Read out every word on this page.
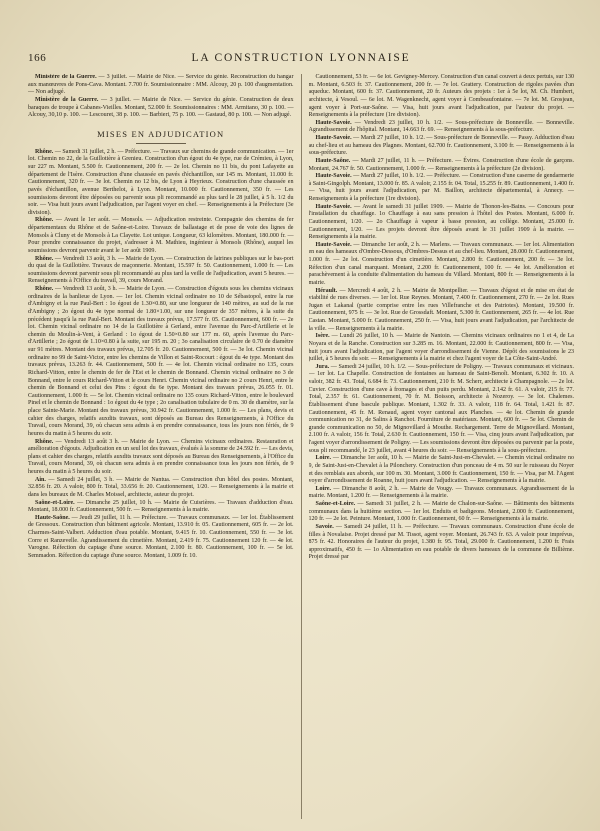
166	LA CONSTRUCTION LYONNAISE

Ministère de la Guerre. — 3 juillet. — Mairie de Nice. — Service du génie. Reconstruction du hangar aux manœuvres de Pons-Cava. Montant. 7.700 fr. Soumissionnaire : MM. Alcouy, 20 p. 100 d'augmentation. — Non adjugé.

Ministère de la Guerre. — 3 juillet. — Mairie de Nice. — Service du génie. Construction de deux baraques de troupe à Cabanes-Vieilles. Montant, 52.000 fr. Soumissionnaires : MM. Armitano, 30 p. 100. — Alcouy, 30,10 p. 100. — Lescouret, 38 p. 100. — Barbieri, 75 p. 100. — Gastaud, 80 p. 100. — Non adjugé.

MISES EN ADJUDICATION

Rhône. — Samedi 31 juillet, 2 h. — Préfecture. — Travaux sur chemins de grande communication. — 1er lot. Chemin no 22, de la Guillotière à Grenieu. Construction d'un égout du 4e type, rue de Crémieu, à Lyon, sur 227 m. Montant, 5.500 fr. Cautionnement, 200 fr. — 2e lot. Chemin no 11 bis, du pont Lafayette au département de l'Isère. Construction d'une chaussée en pavés d'échantillon, sur 145 m. Montant, 11.000 fr. Cautionnement, 320 fr. — 3e lot. Chemin no 12 bis, de Lyon à Heyrieux. Construction d'une chaussée en pavés d'échantillon, avenue Berthelot, à Lyon. Montant, 10.000 fr. Cautionnement, 350 fr. — Les soumissions devront être déposées ou parvenir sous pli recommandé au plus tard le 28 juillet, à 5 h. 1/2 du soir. — Visa huit jours avant l'adjudication, par l'agent voyer en chef. — Renseignements à la Préfecture (3e division).

Rhône. — Avant le 1er août. — Monsols. — Adjudication restreinte. Compagnie des chemins de fer départementaux du Rhône et de Saône-et-Loire. Travaux de ballastage et de pose de voie des lignes de Monsols à Cluny et de Monsols à La Clayette. Lot unique. Longueur, 63 kilomètres. Montant, 180.000 fr. — Pour prendre connaissance du projet, s'adresser à M. Mathieu, ingénieur à Monsols (Rhône), auquel les soumissions devront parvenir avant le 1er août 1909.

Rhône. — Vendredi 13 août, 3 h. — Mairie de Lyon. — Construction de latrines publiques sur le bas-port du quai de la Guillotière. Travaux de maçonnerie. Montant, 15.597 fr. 50. Cautionnement, 1.000 fr. — Les soumissions devront parvenir sous pli recommandé au plus tard la veille de l'adjudication, avant 5 heures. — Renseignements à l'Office du travail, 39, cours Morand.

Rhône. — Vendredi 13 août, 3 h. — Mairie de Lyon. — Construction d'égouts sous les chemins vicinaux ordinaires de la banlieue de Lyon. — 1er lot. Chemin vicinal ordinaire no 10 de Sébastopol, entre la rue d'Ambigny et la rue Paul-Bert : 1o égout de 1.30×0.80, sur une longueur de 140 mètres, au sud de la rue d'Ambigny ; 2o égout du 4e type normal de 1.80×1.00, sur une longueur de 357 mètres, à la suite du précédent jusqu'à la rue Paul-Bert. Montant des travaux prévus, 17.577 fr. 05. Cautionnement, 600 fr. — 2e lot. Chemin vicinal ordinaire no 14 de la Guillotière à Gerland, entre l'avenue du Parc-d'Artillerie et le chemin du Moulin-à-Vent, à Gerland : 1o égout de 1.50×0.80 sur 177 m. 60, après l'avenue du Parc-d'Artillerie ; 2o égout de 1.10×0.80 à la suite, sur 195 m. 20 ; 3o canalisation circulaire de 0.70 de diamètre sur 91 mètres. Montant des travaux prévus, 12.705 fr. 20. Cautionnement, 500 fr. — 3e lot. Chemin vicinal ordinaire no 99 de Saint-Victor, entre les chemins de Villon et Saint-Rocourt : égout du 4e type. Montant des travaux prévus, 13.263 fr. 44. Cautionnement, 500 fr. — 4e lot. Chemin vicinal ordinaire no 135, cours Richard-Vitton, entre le chemin de fer de l'Est et le chemin de Bonnand. Chemin vicinal ordinaire no 3 de Bonnand, entre le cours Richard-Vitton et le cours Henri. Chemin vicinal ordinaire no 2 cours Henri, entre le chemin de Bonnand et celui des Pins : égout du 6e type. Montant des travaux prévus, 26.055 fr. 01. Cautionnement, 1.000 fr. — 5e lot. Chemin vicinal ordinaire no 135 cours Richard-Vitton, entre le boulevard Pinel et le chemin de Bonnand : 1o égout du 4e type ; 2o canalisation tubulaire de 0 m. 30 de diamètre, sur la place Sainte-Marie. Montant des travaux prévus, 30.942 fr. Cautionnement, 1.000 fr. — Les plans, devis et cahier des charges, relatifs auxdits travaux, sont déposés au Bureau des Renseignements, à l'Office du Travail, cours Morand, 39, où chacun sera admis à en prendre connaissance, tous les jours non fériés, de 9 heures du matin à 5 heures du soir.

Rhône. — Vendredi 13 août 3 h. — Mairie de Lyon. — Chemins vicinaux ordinaires. Restauration et amélioration d'égouts. Adjudication en un seul lot des travaux, évalués à la somme de 24.592 fr. — Les devis, plans et cahier des charges, relatifs auxdits travaux sont déposés au Bureau des Renseignements, à l'Office du Travail, cours Morand, 39, où chacun sera admis à en prendre connaissance tous les jours non fériés, de 9 heures du matin à 5 heures du soir.

Ain. — Samedi 24 juillet, 3 h. — Mairie de Nantua. — Construction d'un hôtel des postes. Montant, 32.856 fr. 20. A valoir, 800 fr. Total, 33.656 fr. 20. Cautionnement, 1/20. — Renseignements à la mairie et dans les bureaux de M. Charles Moissel, architecte, auteur du projet.

Saône-et-Loire. — Dimanche 25 juillet, 10 h. — Mairie de Cuisrières. — Travaux d'adduction d'eau. Montant, 18.000 fr. Cautionnement, 500 fr. — Renseignements à la mairie.

Haute-Saône. — Jeudi 29 juillet, 11 h. — Préfecture. — Travaux communaux. — 1er lot. Établissement de Gressoux. Construction d'un bâtiment agricole. Montant, 13.910 fr. 05. Cautionnement, 605 fr. — 2e lot. Charmes-Saint-Valbert. Adduction d'eau potable. Montant, 9.415 fr. 10. Cautionnement, 550 fr. — 3e lot. Corre et Ranzevelle. Agrandissement du cimetière. Montant, 2.419 fr. 75. Cautionnement 120 fr. — 4e lot. Varogne. Réfection du captage d'une source. Montant, 2.100 fr. 80. Cautionnement, 100 fr. — 5e lot. Semmadon. Réfection du captage d'une source. Montant, 1.009 fr. 10.

Cautionnement, 53 fr. — 6e lot. Gevigney-Mercey. Construction d'un canal couvert à deux pertuis, sur 130 m. Montant, 6.503 fr. 37. Cautionnement, 200 fr. — 7e lot. Grattery. Construction de rigoles pavées d'un aqueduc. Montant, 600 fr. 37. Cautionnement, 20 fr. Auteurs des projets : 1er à 5e lot, M. Ch. Humbert, architecte, à Vesoul. — 6e lot. M. Wagenknecht, agent voyer à Combeaufontaine. — 7e lot. M. Grosjean, agent voyer à Port-sur-Saône. — Visa, huit jours avant l'adjudication, par l'auteur du projet. — Renseignements à la préfecture (1re division).

Haute-Savoie. — Vendredi 23 juillet, 10 h. 1/2. — Sous-préfecture de Bonneville. — Bonneville. Agrandissement de l'hôpital. Montant, 14.663 fr. 69. — Renseignements à la sous-préfecture.

Haute-Savoie. — Mardi 27 juillet, 10 h. 1/2. — Sous-préfecture de Bonneville. — Passy. Adduction d'eau au chef-lieu et au hameau des Plagnes. Montant, 62.700 fr. Cautionnement, 3.100 fr. — Renseignements à la sous-préfecture.

Haute-Saône. — Mardi 27 juillet, 11 h. — Préfecture. — Évires. Construction d'une école de garçons. Montant, 24.767 fr. 50. Cautionnement, 1.000 fr. — Renseignements à la préfecture (2e division).

Haute-Savoie. — Mardi 27 juillet, 10 h. 1/2. — Préfecture. — Construction d'une caserne de gendarmerie à Saint-Gingolph. Montant, 13.000 fr. 85. A valoir, 2.155 fr. 04. Total, 15.255 fr. 89. Cautionnement, 1.400 fr. — Visa, huit jours avant l'adjudication, par M. Baillon, architecte départemental, à Annecy. — Renseignements à la préfecture (1re division).

Haute-Savoie. — Avant le samedi 31 juillet 1909. — Mairie de Thonon-les-Bains. — Concours pour l'installation du chauffage. 1o Chauffage à eau sans pression à l'hôtel des Postes. Montant, 6.000 fr. Cautionnement, 1/20. — 2o Chauffage à vapeur à basse pression, au collège. Montant, 25.000 fr. Cautionnement, 1/20. — Les projets devront être déposés avant le 31 juillet 1909 à la mairie. — Renseignements à la mairie.

Haute-Savoie. — Dimanche 1er août, 2 h. — Marlens. — Travaux communaux. — 1er lot. Alimentation en eau des hameaux d'Ombre-Dessous, d'Ombres-Dessus et au chef-lieu. Montant, 28.000 fr. Cautionnement, 1.000 fr. — 2e lot. Construction d'un cimetière. Montant, 2.800 fr. Cautionnement, 200 fr. — 3e lot. Réfection d'un canal marquant. Montant, 2.200 fr. Cautionnement, 100 fr. — 4e lot. Amélioration et parachèvement à la conduite d'alimentation du hameau du Villard. Montant, 800 fr. — Renseignements à la mairie.

Hérault. — Mercredi 4 août, 2 h. — Mairie de Montpellier. — Travaux d'égout et de mise en état de viabilité de rues diverses. — 1er lot. Rue Reynes. Montant, 7.400 fr. Cautionnement, 270 fr. — 2e lot. Rues Jugan et Lakanal (partie comprise entre les rues Villefranche et des Patriotes). Montant, 19.500 fr. Cautionnement, 975 fr. — 3e lot. Rue de Grossdaft. Montant, 5.300 fr. Cautionnement, 265 fr. — 4e lot. Rue Castan. Montant, 5.000 fr. Cautionnement, 250 fr. — Visa, huit jours avant l'adjudication, par l'architecte de la ville. — Renseignements à la mairie.

Isère. — Lundi 26 juillet, 10 h. — Mairie de Nantoin. — Chemins vicinaux ordinaires no 1 et 4, de La Noyara et de la Ranche. Construction sur 3.285 m. 16. Montant, 22.000 fr. Cautionnement, 800 fr. — Visa, huit jours avant l'adjudication, par l'agent voyer d'arrondissement de Vienne. Dépôt des soumissions le 23 juillet, à 5 heures du soir. — Renseignements à la mairie et chez l'agent voyer de La Côte-Saint-André.

Jura. — Samedi 24 juillet, 10 h. 1/2. — Sous-préfecture de Poligny. — Travaux communaux et vicinaux. — 1er lot. La Chapelle. Construction de fontaines au hameau de Saint-Benoît. Montant, 6.302 fr. 10. A valoir, 382 fr. 43. Total, 6.684 fr. 73. Cautionnement, 210 fr. M. Scherr, architecte à Champagnole. — 2e lot. Cuvier. Construction d'une cave à fromages et d'un puits perdu. Montant, 2.142 fr. 61. A valoir, 215 fr. 77. Total, 2.357 fr. 61. Cautionnement, 70 fr. M. Boisson, architecte à Nozeroy. — 3e lot. Chalemes. Établissement d'une bascule publique. Montant, 1.302 fr. 33. A valoir, 118 fr. 64. Total, 1.421 fr. 87. Cautionnement, 45 fr. M. Renaud, agent voyer cantonal aux Planches. — 4e lot. Chemin de grande communication no 31, de Salins à Ranchot. Fourniture de matériaux. Montant, 600 fr. — 5e lot. Chemin de grande communication no 50, de Mignovillard à Mouthe. Rechargement. Terre de Mignovillard. Montant, 2.100 fr. A valoir, 156 fr. Total, 2.630 fr. Cautionnement, 150 fr. — Visa, cinq jours avant l'adjudication, par l'agent voyer d'arrondissement de Poligny. — Les soumissions devront être déposées ou parvenir par la poste, sous pli recommandé, le 23 juillet, avant 4 heures du soir. — Renseignements à la sous-préfecture.

Loire. — Dimanche 1er août, 10 h. — Mairie de Saint-Just-en-Chevalet. — Chemin vicinal ordinaire no 9, de Saint-Just-en-Chevalet à la Pilonchery. Construction d'un ponceau de 4 m. 50 sur le ruisseau du Noyer et des remblais aux abords, sur 100 m. 30. Montant, 3.000 fr. Cautionnement, 150 fr. — Visa, par M. l'Agent voyer d'arrondissement de Roanne, huit jours avant l'adjudication. — Renseignements à la mairie.

Loire. — Dimanche 8 août, 2 h. — Mairie de Vougy. — Travaux communaux. Agrandissement de la mairie. Montant, 1.200 fr. — Renseignements à la mairie.

Saône-et-Loire. — Samedi 31 juillet, 2 h. — Mairie de Chalon-sur-Saône. — Bâtiments des bâtiments communaux dans la huitième section. — 1er lot. Enduits et badigeons. Montant, 2.000 fr. Cautionnement, 120 fr. — 2e lot. Peinture. Montant, 1.000 fr. Cautionnement, 60 fr. — Renseignements à la mairie.

Savoie. — Samedi 24 juillet, 11 h. — Préfecture. — Travaux communaux. Construction d'une école de filles à Novalaise. Projet dressé par M. Tissot, agent voyer. Montant, 26.743 fr. 63. A valoir pour imprévus, 875 fr. 42. Honoraires de l'auteur du projet, 1.380 fr. 95. Total, 29.000 fr. Cautionnement, 1.200 fr. Frais approximatifs, 450 fr. — 1o Alimentation en eau potable de divers hameaux de la commune de Billième. Projet dressé par
